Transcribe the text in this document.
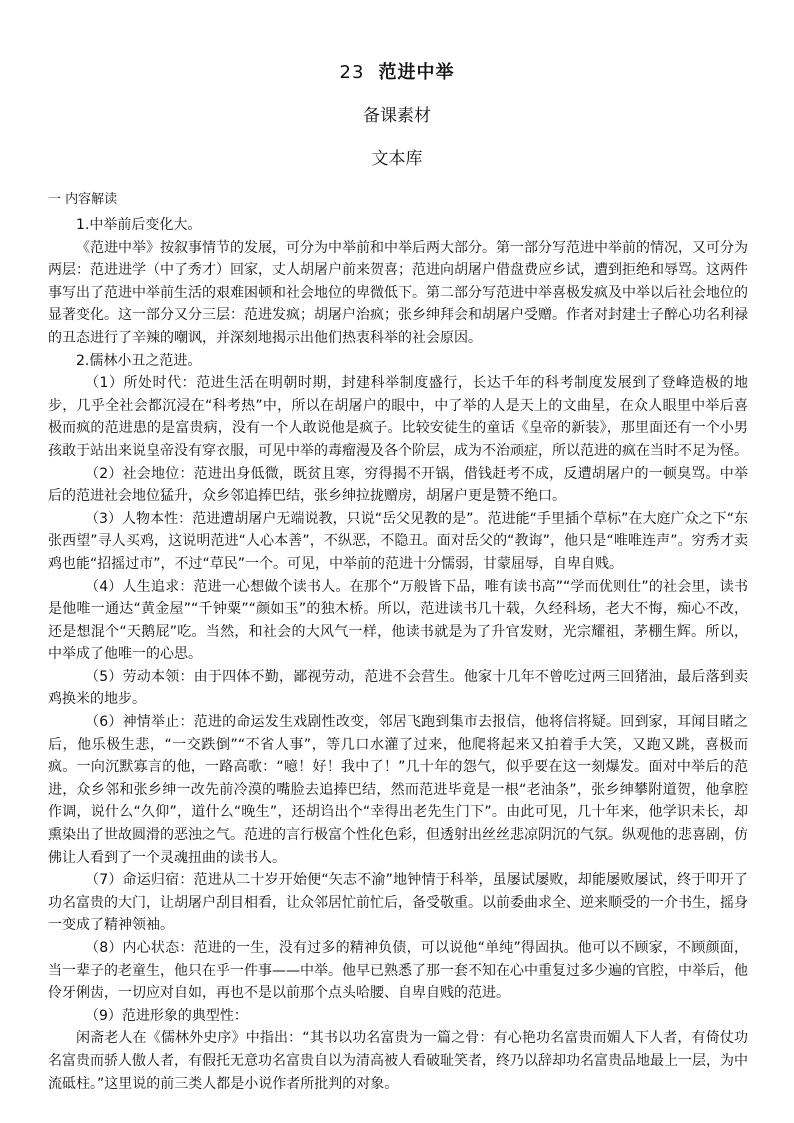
23 范进中举
备课素材
文本库
一 内容解读

1.中举前后变化大。

《范进中举》按叙事情节的发展，可分为中举前和中举后两大部分。第一部分写范进中举前的情况，又可分为两层：范进进学（中了秀才）回家，丈人胡屠户前来贺喜；范进向胡屠户借盘费应乡试，遭到拒绝和辱骂。这两件事写出了范进中举前生活的艰难困顿和社会地位的卑微低下。第二部分写范进中举喜极发疯及中举以后社会地位的显著变化。这一部分又分三层：范进发疯；胡屠户治疯；张乡绅拜会和胡屠户受赠。作者对封建士子醉心功名利禄的丑态进行了辛辣的嘲讽，并深刻地揭示出他们热衷科举的社会原因。

2.儒林小丑之范进。

（1）所处时代：范进生活在明朝时期，封建科举制度盛行，长达千年的科考制度发展到了登峰造极的地步，几乎全社会都沉浸在“科考热”中，所以在胡屠户的眼中，中了举的人是天上的文曲星，在众人眼里中举后喜极而疯的范进患的是富贵病，没有一个人敢说他是疯子。比较安徒生的童话《皇帝的新装》，那里面还有一个小男孩敢于站出来说皇帝没有穿衣服，可见中举的毒瘤漫及各个阶层，成为不治顽症，所以范进的疯在当时不足为怪。

（2）社会地位：范进出身低微，既贫且寒，穷得揭不开锅，借钱赶考不成，反遭胡屠户的一顿臭骂。中举后的范进社会地位猛升，众乡邻追捧巴结，张乡绅拉拢赠房，胡屠户更是赞不绝口。

（3）人物本性：范进遭胡屠户无端说教，只说“岳父见教的是”。范进能“手里插个草标”在大庭广众之下“东张西望”寻人买鸡，这说明范进“人心本善”，不纵恶，不隐丑。面对岳父的“教诲”，他只是“唯唯连声”。穷秀才卖鸡也能“招摇过市”，不过“草民”一个。可见，中举前的范进十分懦弱，甘蒙屈辱，自卑自贱。

（4）人生追求：范进一心想做个读书人。在那个“万般皆下品，唯有读书高”“学而优则仕”的社会里，读书是他唯一通达“黄金屋”“千钟粟”“颜如玉”的独木桥。所以，范进读书几十载，久经科场，老大不悔，痴心不改，还是想混个“天鹅屁”吃。当然，和社会的大风气一样，他读书就是为了升官发财，光宗耀祖，茅棚生辉。所以，中举成了他唯一的心思。

（5）劳动本领：由于四体不勤，鄙视劳动，范进不会营生。他家十几年不曾吃过两三回猪油，最后落到卖鸡换米的地步。

（6）神情举止：范进的命运发生戏剧性改变，邻居飞跑到集市去报信，他将信将疑。回到家，耳闻目睹之后，他乐极生悲，“一交跌倒”“不省人事”，等几口水灌了过来，他爬将起来又拍着手大笑，又跑又跳，喜极而疯。一向沉默寡言的他，一路高歌：“噫！好！我中了！”几十年的怨气，似乎要在这一刻爆发。面对中举后的范进，众乡邻和张乡绅一改先前冷漠的嘴脸去追捧巴结，然而范进毕竟是一根“老油条”，张乡绅攀附道贺，他拿腔作调，说什么“久仰”，道什么“晚生”，还胡诌出个“幸得出老先生门下”。由此可见，几十年来，他学识未长，却熏染出了世故圆滑的恶浊之气。范进的言行极富个性化色彩，但透射出丝丝悲凉阴沉的气氛。纵观他的悲喜剧，仿佛让人看到了一个灵魂扭曲的读书人。

（7）命运归宿：范进从二十岁开始便“矢志不渝”地钟情于科举，虽屡试屡败，却能屡败屡试，终于叩开了功名富贵的大门，让胡屠户刮目相看，让众邻居忙前忙后，备受敬重。以前委曲求全、逆来顺受的一介书生，摇身一变成了精神领袖。

（8）内心状态：范进的一生，没有过多的精神负债，可以说他“单纯”得固执。他可以不顾家，不顾颜面，当一辈子的老童生，他只在乎一件事——中举。他早已熟悉了那一套不知在心中重复过多少遍的官腔，中举后，他伶牙俐齿，一切应对自如，再也不是以前那个点头哈腰、自卑自贱的范进。

（9）范进形象的典型性：

闲斋老人在《儒林外史序》中指出：“其书以功名富贵为一篇之骨：有心艳功名富贵而媚人下人者，有倚仗功名富贵而骄人傲人者，有假托无意功名富贵自以为清高被人看破耻笑者，终乃以辞却功名富贵品地最上一层，为中流砥柱。”这里说的前三类人都是小说作者所批判的对象。
